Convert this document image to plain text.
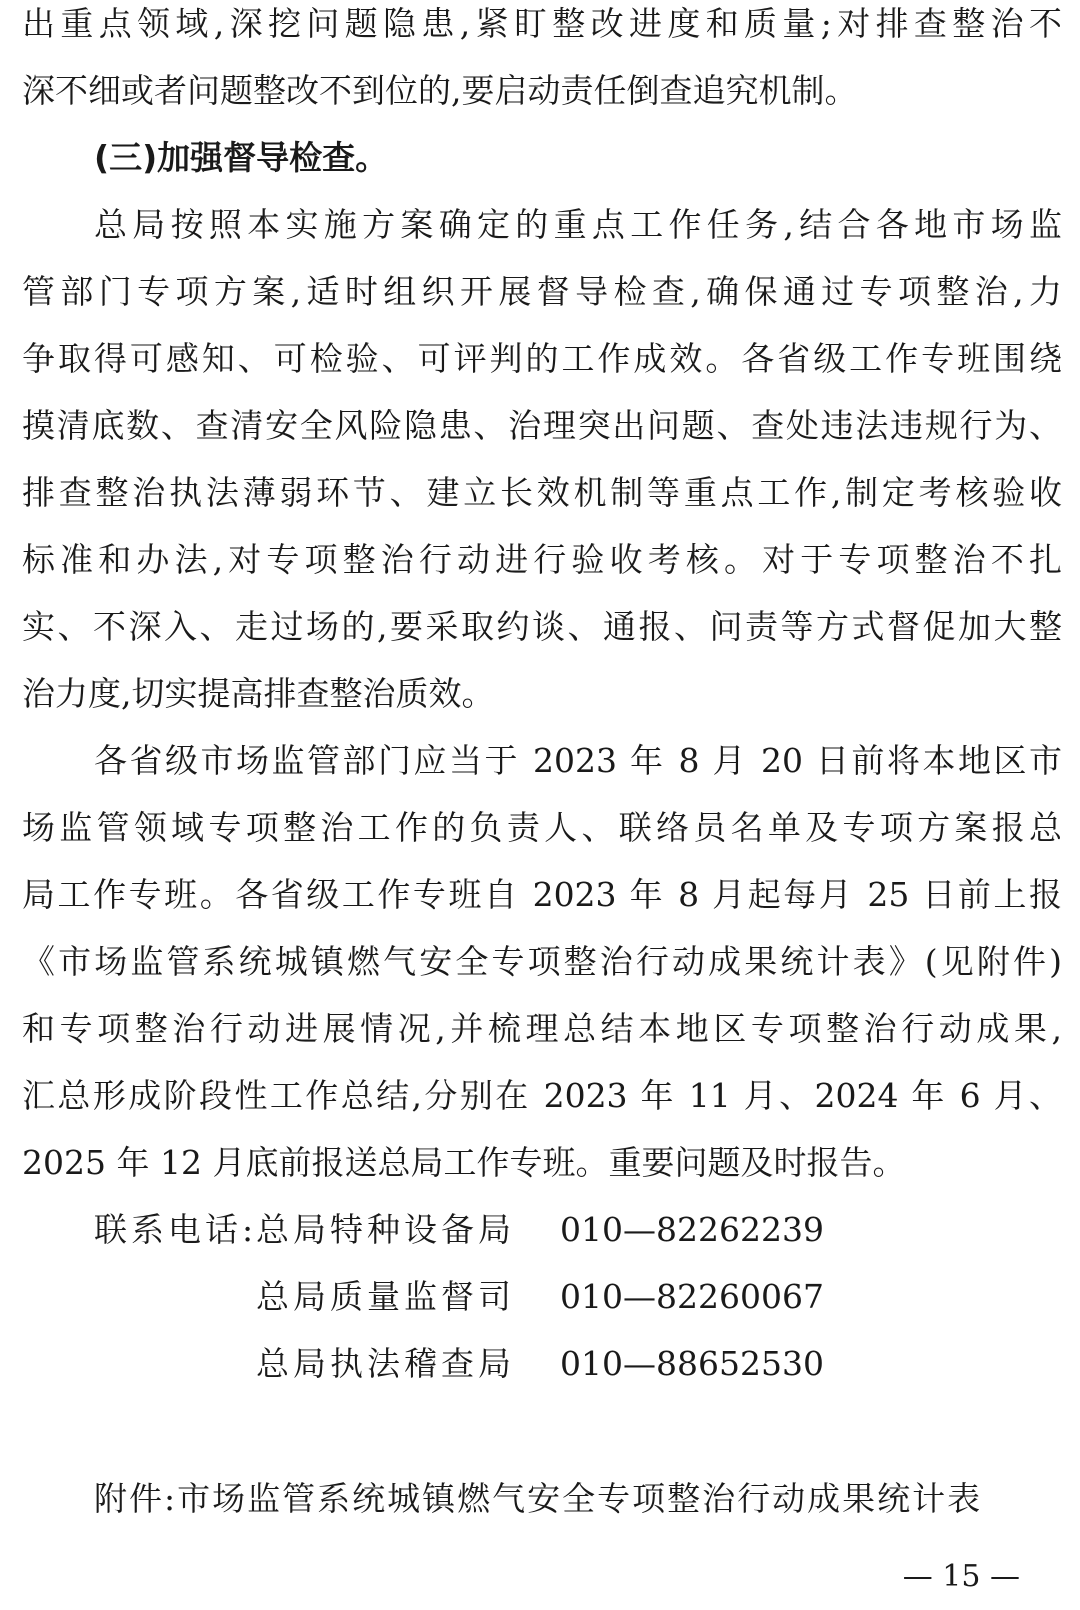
出重点领域,深挖问题隐患,紧盯整改进度和质量;对排查整治不
深不细或者问题整改不到位的,要启动责任倒查追究机制。
(三)加强督导检查。
总局按照本实施方案确定的重点工作任务,结合各地市场监
管部门专项方案,适时组织开展督导检查,确保通过专项整治,力
争取得可感知、可检验、可评判的工作成效。各省级工作专班围绕
摸清底数、查清安全风险隐患、治理突出问题、查处违法违规行为、
排查整治执法薄弱环节、建立长效机制等重点工作,制定考核验收
标准和办法,对专项整治行动进行验收考核。对于专项整治不扎
实、不深入、走过场的,要采取约谈、通报、问责等方式督促加大整
治力度,切实提高排查整治质效。
各省级市场监管部门应当于 2023 年 8 月 20 日前将本地区市
场监管领域专项整治工作的负责人、联络员名单及专项方案报总
局工作专班。各省级工作专班自 2023 年 8 月起每月 25 日前上报
《市场监管系统城镇燃气安全专项整治行动成果统计表》(见附件)
和专项整治行动进展情况,并梳理总结本地区专项整治行动成果,
汇总形成阶段性工作总结,分别在 2023 年 11 月、2024 年 6 月、
2025 年 12 月底前报送总局工作专班。重要问题及时报告。
联系电话:
总局特种设备局 010—82262239
总局质量监督司 010—82260067
总局执法稽查局 010—88652530
附件:市场监管系统城镇燃气安全专项整治行动成果统计表
— 15 —
